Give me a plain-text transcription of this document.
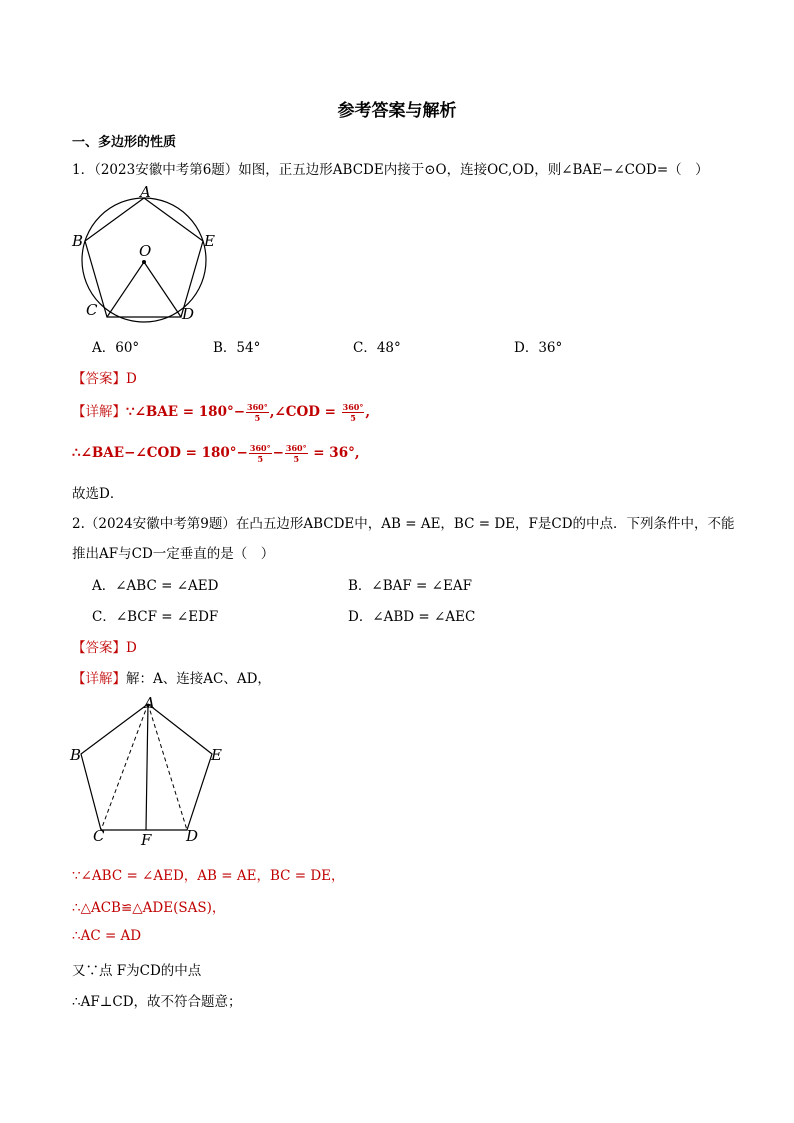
参考答案与解析
一、多边形的性质
1．（2023安徽中考第6题）如图，正五边形ABCDE内接于⊙O，连接OC,OD，则∠BAE−∠COD=（　）
A
B	E
O
C	D
A．60°	B．54°	C．48°	D．36°
【答案】D
【详解】∵∠BAE = $180^\circ- \frac{360^\circ}{5}$ ,∠COD = $\frac{360^\circ}{5}$ ,
∴∠BAE−∠COD = $180^\circ- \frac{360^\circ}{5} - \frac{360^\circ}{5} = 36^\circ$,
故选D．
2.（2024安徽中考第9题）在凸五边形ABCDE中，AB = AE，BC = DE，F是CD的中点．下列条件中，不能
推出AF与CD一定垂直的是（　）
A．∠ABC = ∠AED	B．∠BAF = ∠EAF
C．∠BCF = ∠EDF	D．∠ABD = ∠AEC
【答案】D
【详解】解：A、连接AC、AD，
A
B	E
C F D
∵∠ABC = ∠AED，AB = AE，BC = DE，
∴△ACB≌△ADE(SAS)，
∴AC = AD
又∵点 F为CD的中点
∴AF⊥CD，故不符合题意；
